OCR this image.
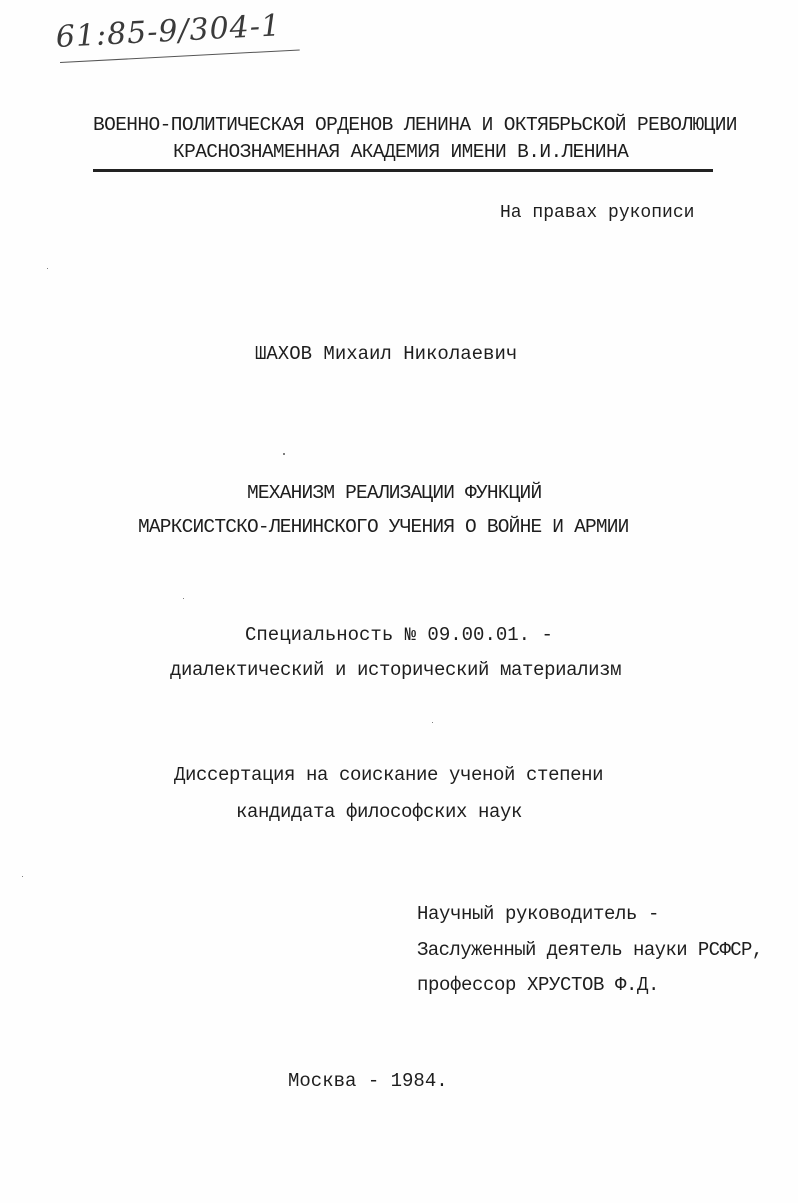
61:85-9/304-1
ВОЕННО-ПОЛИТИЧЕСКАЯ ОРДЕНОВ ЛЕНИНА И ОКТЯБРЬСКОЙ РЕВОЛЮЦИИ
КРАСНОЗНАМЕННАЯ АКАДЕМИЯ ИМЕНИ В.И.ЛЕНИНА
На правах рукописи
ШАХОВ Михаил Николаевич
МЕХАНИЗМ РЕАЛИЗАЦИИ ФУНКЦИЙ
МАРКСИСТСКО-ЛЕНИНСКОГО УЧЕНИЯ О ВОЙНЕ И АРМИИ
Специальность № 09.00.01. -
диалектический и исторический материализм
Диссертация на соискание ученой степени
кандидата философских наук
Научный руководитель -
Заслуженный деятель науки РСФСР,
профессор ХРУСТОВ Ф.Д.
Москва - 1984.
